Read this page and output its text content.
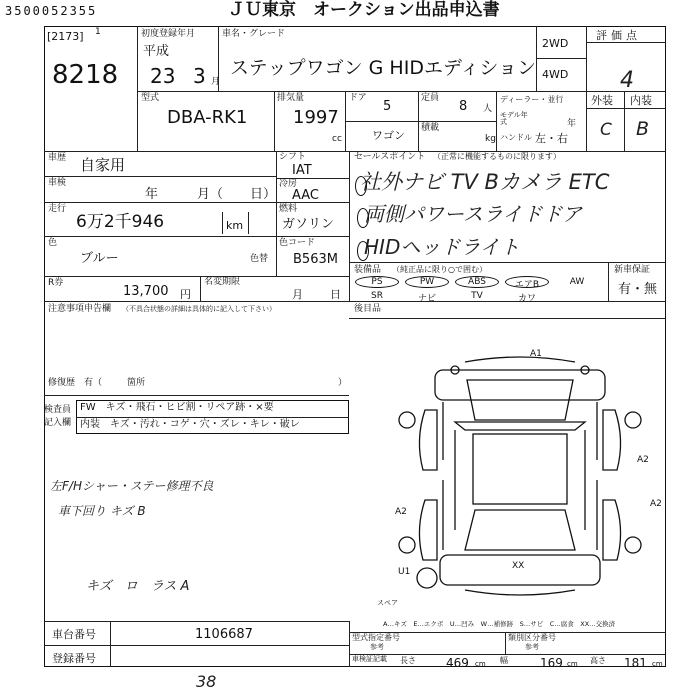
3500052355	ＪＵ東京　オークション出品申込書
[2173] 1
8218
初度登録年月
平成
23 3 月
車名・グレード
ステップワゴン G HIDエディション
2WD
4WD
評価点
4
型式
DBA-RK1
排気量
1997
cc
ドア
5
定員
8 人
ディーラー・並行
ワゴン
積載
kg
モデル年式	年
ハンドル 左・右
外装 内装
C B
車歴 自家用
車検
年	月（ 日）
走行
6万2千946	km
色
ブルー	色替
シフト
IAT
冷房
AAC
燃料
ガソリン
色コード
B563M
R券
13,700 円
名変期限
月 日
セールスポイント （正常に機能するものに限ります）
社外ナビ TV Bカメラ ETC
両側パワースライドドア
HIDヘッドライト
装備品 （純正品に限り○で囲む）	新車保証
有・無
PS	PW	ABS	エアB	AW
SR	ナビ	TV	カワ
後目品
注意事項申告欄 （不具合状態の詳細は具体的に記入して下さい）
修復歴　有（	箇所	）
検査員
記入欄
FW　キズ・飛石・ヒビ割・リペア跡・×要
内装　キズ・汚れ・コゲ・穴・ズレ・キレ・破レ
左F/Hシャー・ステー修理不良
車下回り キズ B
キズ　ロ　ラス A
A1
A2
A2
A2
U1
XX
スペア
A…キズ　E…エクボ　U…凹み　W…補修跡　S…サビ　C…腐食　XX…交換済
車台番号	1106687
登録番号
型式指定番号
参考
類別区分番号
参考
車検証記載 長さ	469 cm 幅	169 cm 高さ 181 cm
38
